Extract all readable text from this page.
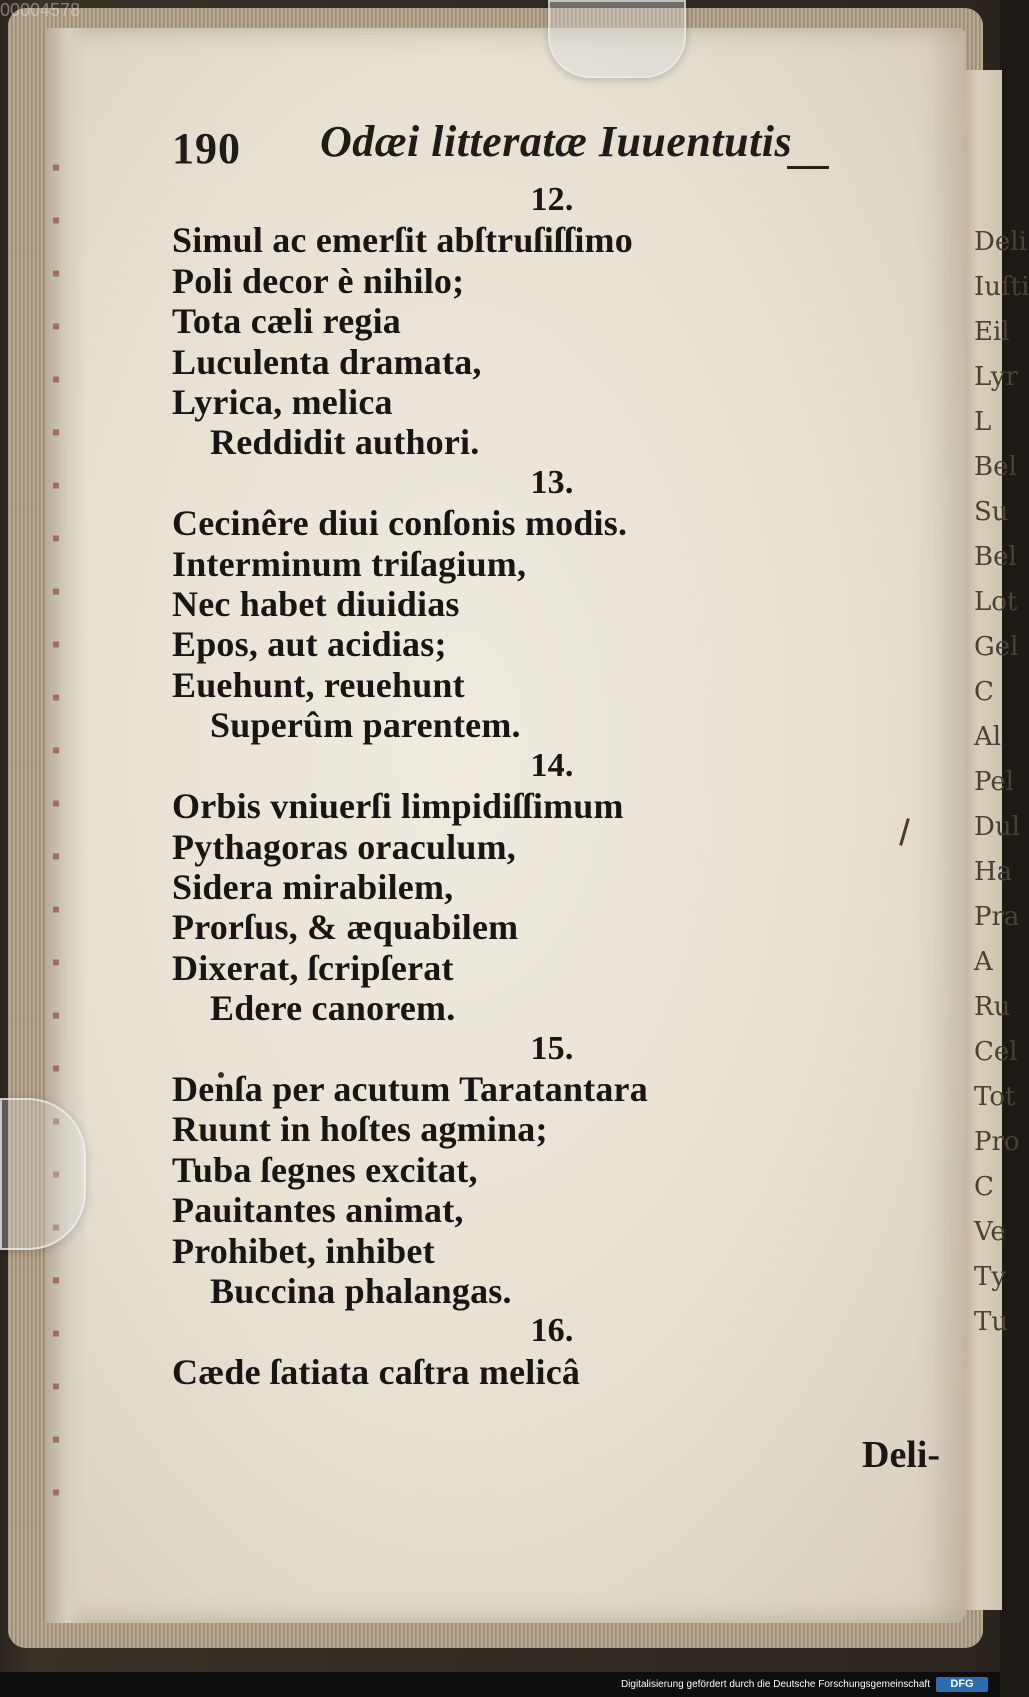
Deli
Iuſti
Eil
Lyr
L
Bel
Su
Bel
Lot
Gel
C
Al
Pel
Dul
Ha
Pra
A
Ru
Cel
Tot
Pro
C
Ve
Ty
Tu
190 Odæi litteratæ Iuuentutis
12.
Simul ac emerſit abſtruſiſſimo
Poli decor è nihilo;
Tota cæli regia
Luculenta dramata,
Lyrica, melica
Reddidit authori.
13.
Cecinêre diui conſonis modis.
Interminum triſagium,
Nec habet diuidias
Epos, aut acidias;
Euehunt, reuehunt
Superûm parentem.
14.
Orbis vniuerſi limpidiſſimum
Pythagoras oraculum,
Sidera mirabilem,
Prorſus, & æquabilem
Dixerat, ſcripſerat
Edere canorem.
15.
Denſa per acutum Taratantara
Ruunt in hoſtes agmina;
Tuba ſegnes excitat,
Pauitantes animat,
Prohibet, inhibet
Buccina phalangas.
16.
Cæde ſatiata caſtra melicâ
Deli-
00004578
Digitalisierung gefördert durch die Deutsche Forschungsgemeinschaft	DFG
